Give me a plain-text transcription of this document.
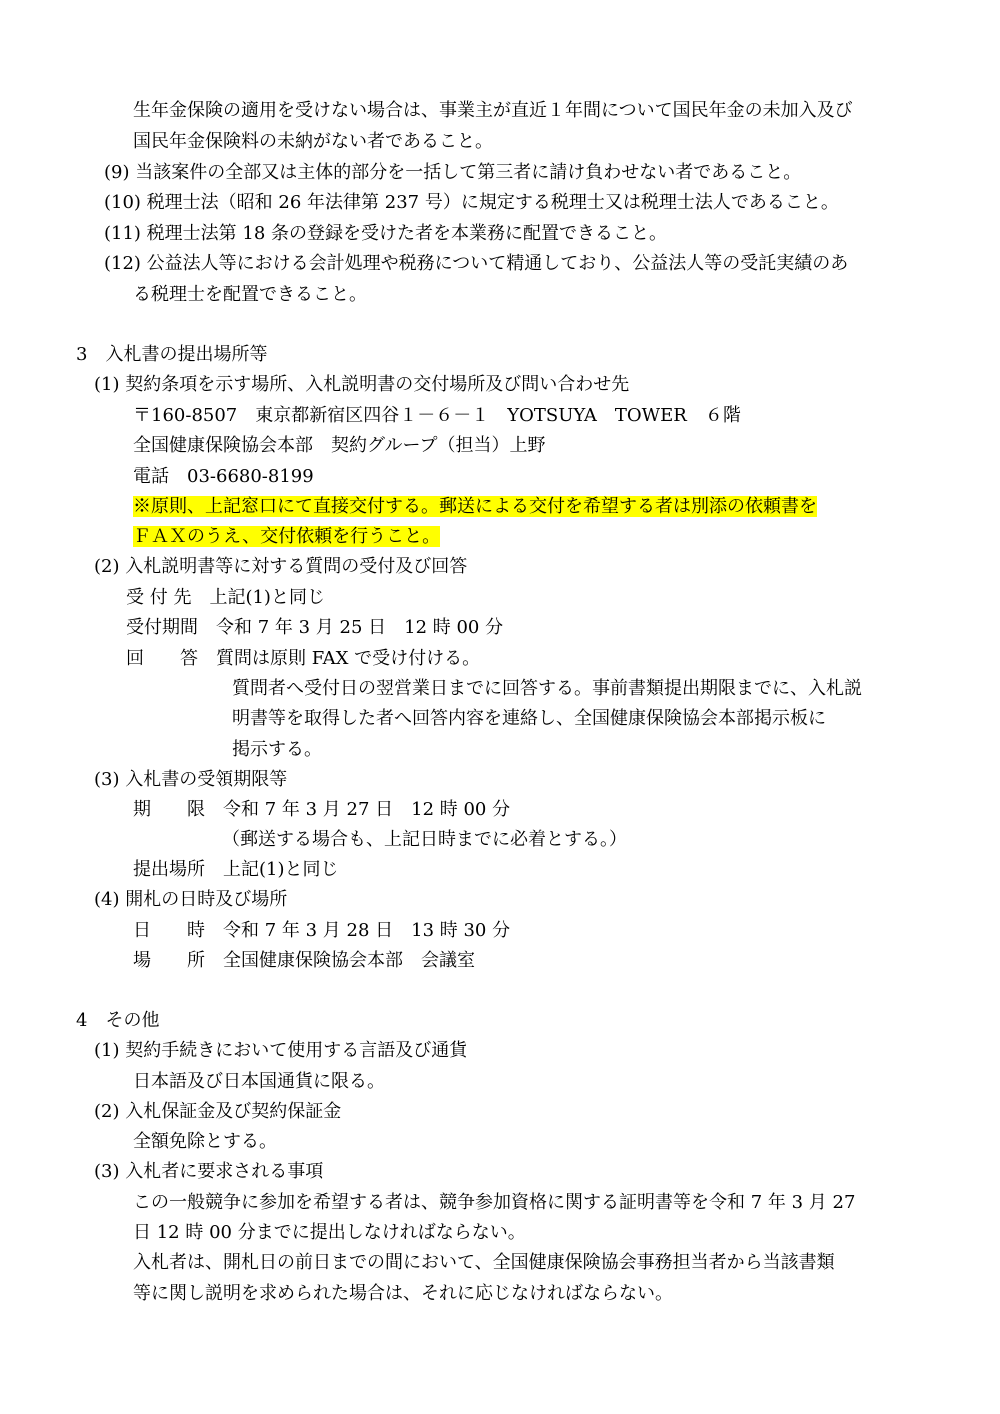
生年金保険の適用を受けない場合は、事業主が直近１年間について国民年金の未加入及び
国民年金保険料の未納がない者であること。
(9) 当該案件の全部又は主体的部分を一括して第三者に請け負わせない者であること。
(10) 税理士法（昭和 26 年法律第 237 号）に規定する税理士又は税理士法人であること。
(11) 税理士法第 18 条の登録を受けた者を本業務に配置できること。
(12) 公益法人等における会計処理や税務について精通しており、公益法人等の受託実績のあ
る税理士を配置できること。
3　入札書の提出場所等
(1) 契約条項を示す場所、入札説明書の交付場所及び問い合わせ先
〒160-8507　東京都新宿区四谷１－６－１　YOTSUYA　TOWER　６階
全国健康保険協会本部　契約グループ（担当）上野
電話　03-6680-8199
※原則、上記窓口にて直接交付する。郵送による交付を希望する者は別添の依頼書を
ＦＡＸのうえ、交付依頼を行うこと。
(2) 入札説明書等に対する質問の受付及び回答
受 付 先　上記(1)と同じ
受付期間　令和 7 年 3 月 25 日　12 時 00 分
回　　答　質問は原則 FAX で受け付ける。
質問者へ受付日の翌営業日までに回答する。事前書類提出期限までに、入札説
明書等を取得した者へ回答内容を連絡し、全国健康保険協会本部掲示板に
掲示する。
(3) 入札書の受領期限等
期　　限　令和 7 年 3 月 27 日　12 時 00 分
（郵送する場合も、上記日時までに必着とする。）
提出場所　上記(1)と同じ
(4) 開札の日時及び場所
日　　時　令和 7 年 3 月 28 日　13 時 30 分
場　　所　全国健康保険協会本部　会議室
4　その他
(1) 契約手続きにおいて使用する言語及び通貨
日本語及び日本国通貨に限る。
(2) 入札保証金及び契約保証金
全額免除とする。
(3) 入札者に要求される事項
この一般競争に参加を希望する者は、競争参加資格に関する証明書等を令和 7 年 3 月 27
日 12 時 00 分までに提出しなければならない。
入札者は、開札日の前日までの間において、全国健康保険協会事務担当者から当該書類
等に関し説明を求められた場合は、それに応じなければならない。
